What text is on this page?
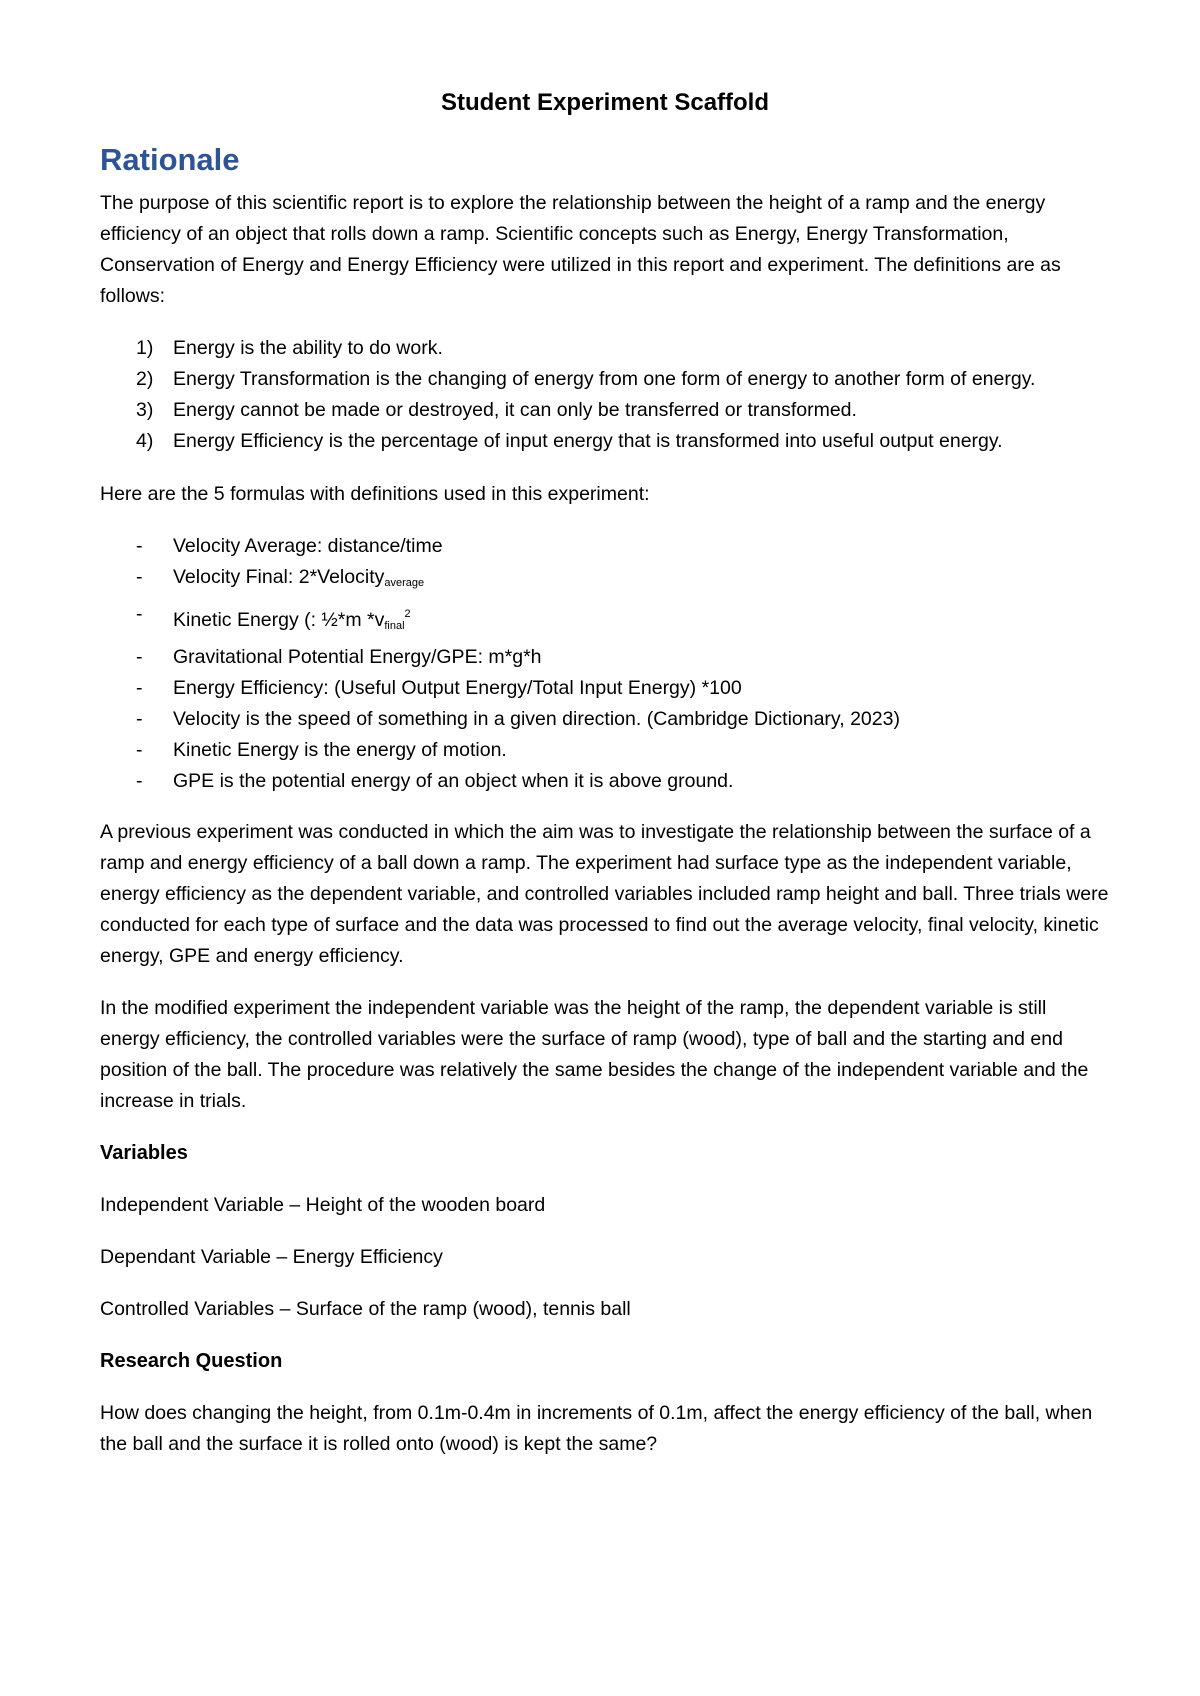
Student Experiment Scaffold
Rationale

The purpose of this scientific report is to explore the relationship between the height of a ramp and the energy efficiency of an object that rolls down a ramp. Scientific concepts such as Energy, Energy Transformation, Conservation of Energy and Energy Efficiency were utilized in this report and experiment. The definitions are as follows:

1) Energy is the ability to do work.
2) Energy Transformation is the changing of energy from one form of energy to another form of energy.
3) Energy cannot be made or destroyed, it can only be transferred or transformed.
4) Energy Efficiency is the percentage of input energy that is transformed into useful output energy.

Here are the 5 formulas with definitions used in this experiment:

- Velocity Average: distance/time
- Velocity Final: 2*Velocity$_{average}$
- Kinetic Energy (: ½*m $*v_{final}^2$
- Gravitational Potential Energy/GPE: m*g*h
- Energy Efficiency: (Useful Output Energy/Total Input Energy) *100
- Velocity is the speed of something in a given direction. (Cambridge Dictionary, 2023)
- Kinetic Energy is the energy of motion.
- GPE is the potential energy of an object when it is above ground.

A previous experiment was conducted in which the aim was to investigate the relationship between the surface of a ramp and energy efficiency of a ball down a ramp. The experiment had surface type as the independent variable, energy efficiency as the dependent variable, and controlled variables included ramp height and ball. Three trials were conducted for each type of surface and the data was processed to find out the average velocity, final velocity, kinetic energy, GPE and energy efficiency.

In the modified experiment the independent variable was the height of the ramp, the dependent variable is still energy efficiency, the controlled variables were the surface of ramp (wood), type of ball and the starting and end position of the ball. The procedure was relatively the same besides the change of the independent variable and the increase in trials.

Variables
Independent Variable – Height of the wooden board
Dependant Variable – Energy Efficiency
Controlled Variables – Surface of the ramp (wood), tennis ball
Research Question

How does changing the height, from 0.1m-0.4m in increments of 0.1m, affect the energy efficiency of the ball, when the ball and the surface it is rolled onto (wood) is kept the same?
